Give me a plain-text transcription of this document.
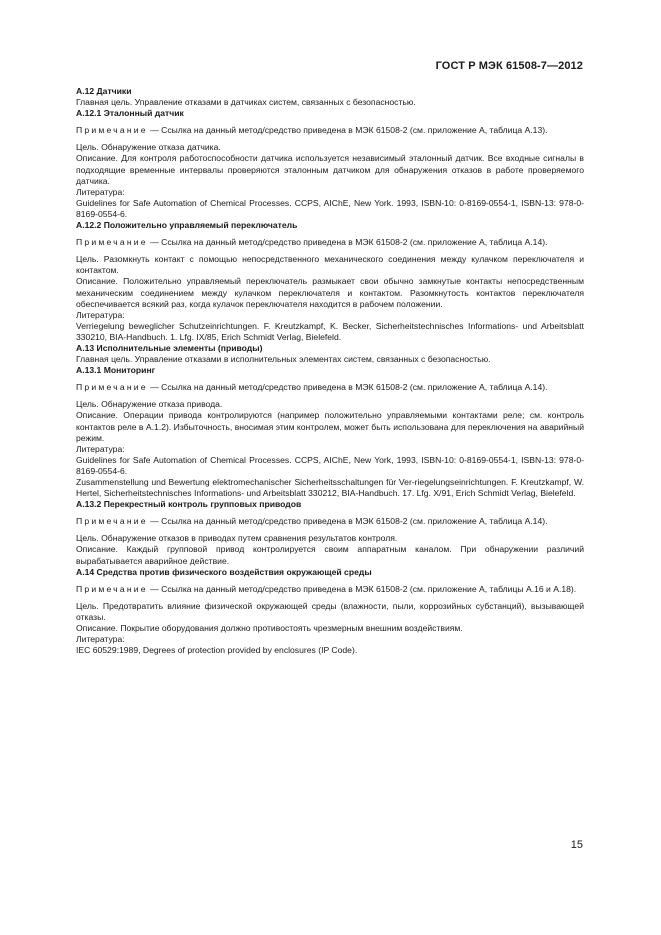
ГОСТ Р МЭК 61508-7—2012

А.12 Датчики

Главная цель. Управление отказами в датчиках систем, связанных с безопасностью.

А.12.1 Эталонный датчик

Примечание — Ссылка на данный метод/средство приведена в МЭК 61508-2 (см. приложение А, таблица А.13).

Цель. Обнаружение отказа датчика.

Описание. Для контроля работоспособности датчика используется независимый эталонный датчик. Все входные сигналы в подходящие временные интервалы проверяются эталонным датчиком для обнаружения отказов в работе проверяемого датчика.

Литература:

Guidelines for Safe Automation of Chemical Processes. CCPS, AIChE, New York. 1993, ISBN-10: 0-8169-0554-1, ISBN-13: 978-0-8169-0554-6.

А.12.2 Положительно управляемый переключатель

Примечание — Ссылка на данный метод/средство приведена в МЭК 61508-2 (см. приложение А, таблица А.14).

Цель. Разомкнуть контакт с помощью непосредственного механического соединения между кулачком переключателя и контактом.

Описание. Положительно управляемый переключатель размыкает свои обычно замкнутые контакты непосредственным механическим соединением между кулачком переключателя и контактом. Разомкнутость контактов переключателя обеспечивается всякий раз, когда кулачок переключателя находится в рабочем положении.

Литература:

Verriegelung beweglicher Schutzeinrichtungen. F. Kreutzkampf, K. Becker, Sicherheitstechnisches Informations- und Arbeitsblatt 330210, BIA-Handbuch. 1. Lfg. IX/85, Erich Schmidt Verlag, Bielefeld.

А.13 Исполнительные элементы (приводы)

Главная цель. Управление отказами в исполнительных элементах систем, связанных с безопасностью.

А.13.1 Мониторинг

Примечание — Ссылка на данный метод/средство приведена в МЭК 61508-2 (см. приложение А, таблица А.14).

Цель. Обнаружение отказа привода.

Описание. Операции привода контролируются (например положительно управляемыми контактами реле; см. контроль контактов реле в А.1.2). Избыточность, вносимая этим контролем, может быть использована для переключения на аварийный режим.

Литература:

Guidelines for Safe Automation of Chemical Processes. CCPS, AIChE, New York, 1993, ISBN-10: 0-8169-0554-1, ISBN-13: 978-0-8169-0554-6.

Zusammenstellung und Bewertung elektromechanischer Sicherheitsschaltungen für Ver-riegelungseinrichtungen. F. Kreutzkampf, W. Hertel, Sicherheitstechnisches Informations- und Arbeitsblatt 330212, BIA-Handbuch. 17. Lfg. X/91, Erich Schmidt Verlag, Bielefeld.

А.13.2 Перекрестный контроль групповых приводов

Примечание — Ссылка на данный метод/средство приведена в МЭК 61508-2 (см. приложение А, таблица А.14).

Цель. Обнаружение отказов в приводах путем сравнения результатов контроля.

Описание. Каждый групповой привод контролируется своим аппаратным каналом. При обнаружении различий вырабатывается аварийное действие.

А.14 Средства против физического воздействия окружающей среды

Примечание — Ссылка на данный метод/средство приведена в МЭК 61508-2 (см. приложение А, таблицы А.16 и А.18).

Цель. Предотвратить влияние физической окружающей среды (влажности, пыли, коррозийных субстанций), вызывающей отказы.

Описание. Покрытие оборудования должно противостоять чрезмерным внешним воздействиям.

Литература:

IEC 60529:1989, Degrees of protection provided by enclosures (IP Code).

15
